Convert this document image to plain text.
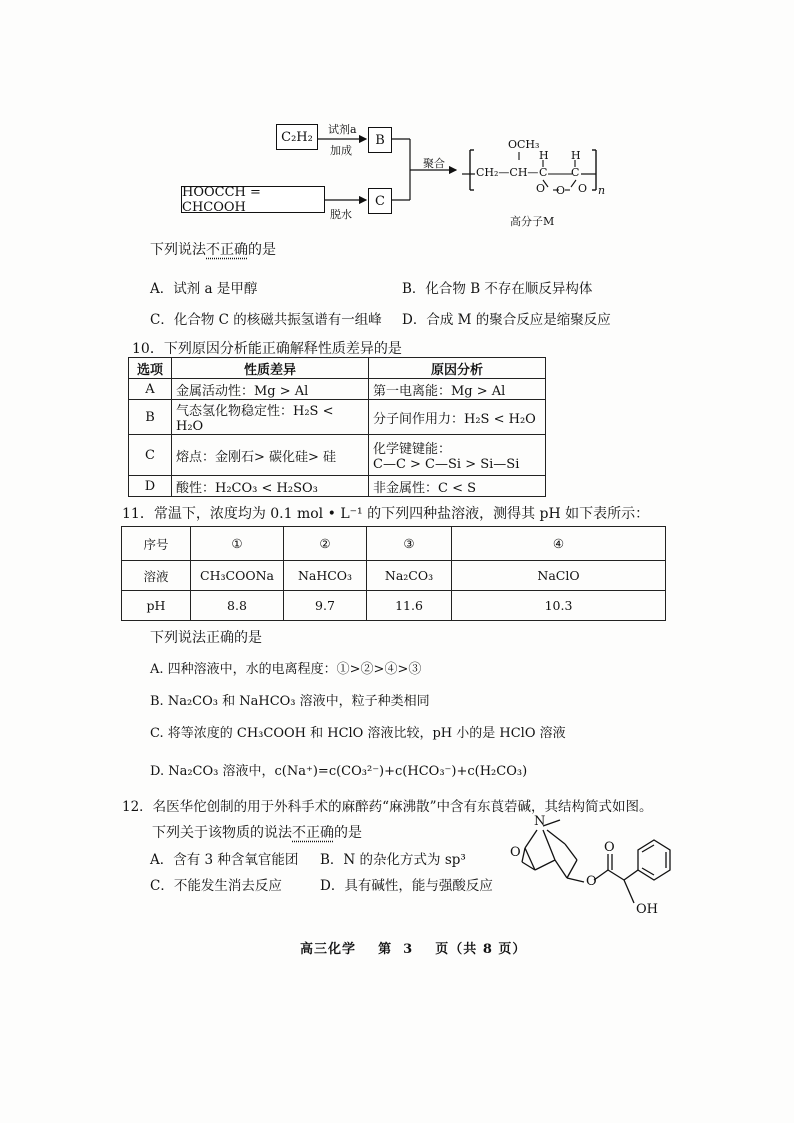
C₂H₂ 试剂a
加成
B
HOOCCH = CHCOOH	脱水
C
聚合
OCH₃
CH₂—CH—
H H
C C
O O O n
高分子M
下列说法不正确的是
A．试剂 a 是甲醇	B．化合物 B 不存在顺反异构体
C．化合物 C 的核磁共振氢谱有一组峰 D．合成 M 的聚合反应是缩聚反应
10．下列原因分析能正确解释性质差异的是
选项	性质差异	原因分析
A	金属活动性：Mg > Al	第一电离能：Mg > Al
B	气态氢化物稳定性：H₂S < H₂O	分子间作用力：H₂S < H₂O
C	熔点：金刚石> 碳化硅> 硅	化学键键能：
C—C > C—Si > Si—Si

D	酸性：H₂CO₃ < H₂SO₃	非金属性：C < S
11．常温下，浓度均为 0.1 mol • L⁻¹ 的下列四种盐溶液，测得其 pH 如下表所示：
序号	①	②	③	④
溶液	CH₃COONa	NaHCO₃	Na₂CO₃	NaClO
pH	8.8	9.7	11.6	10.3
下列说法正确的是
A. 四种溶液中，水的电离程度：①>②>④>③
B. Na₂CO₃ 和 NaHCO₃ 溶液中，粒子种类相同
C. 将等浓度的 CH₃COOH 和 HClO 溶液比较，pH 小的是 HClO 溶液
D. Na₂CO₃ 溶液中，c(Na⁺)=c(CO₃²⁻)+c(HCO₃⁻)+c(H₂CO₃)
12．名医华佗创制的用于外科手术的麻醉药“麻沸散”中含有东莨菪碱，其结构简式如图。
下列关于该物质的说法不正确的是
A．含有 3 种含氧官能团 B．N 的杂化方式为 sp³
C．不能发生消去反应	D．具有碱性，能与强酸反应
N
O
O
O
OH
高三化学    第  3    页（共 8 页）
